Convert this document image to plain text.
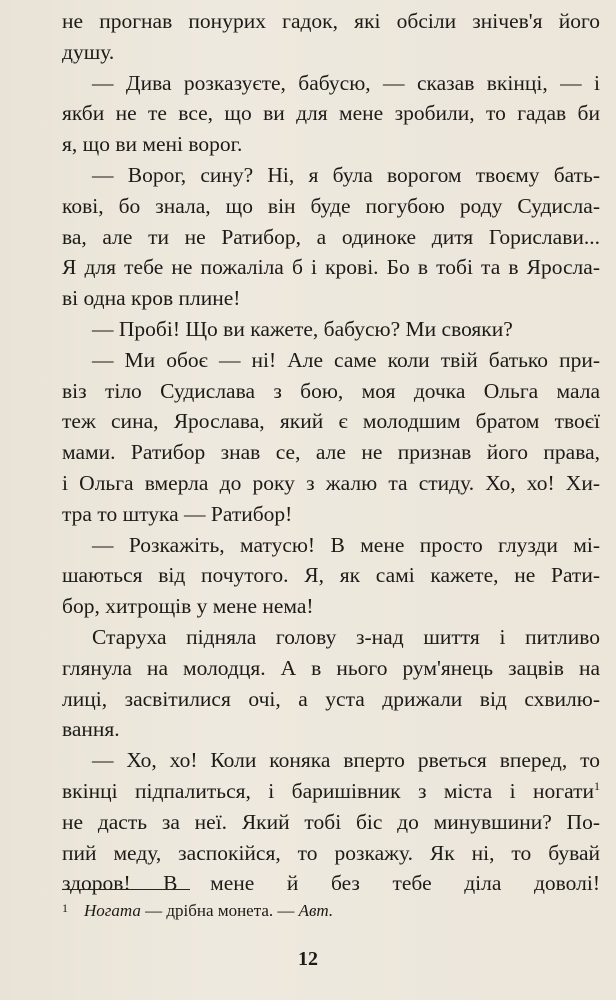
не прогнав понурих гадок, які обсіли знічев'я його
душу.
— Дива розказуєте, бабусю, — сказав вкінці, — і
якби не те все, що ви для мене зробили, то гадав би
я, що ви мені ворог.
— Ворог, сину? Ні, я була ворогом твоєму бать-
кові, бо знала, що він буде погубою роду Судисла-
ва, але ти не Ратибор, а одиноке дитя Горислави...
Я для тебе не пожаліла б і крові. Бо в тобі та в Яросла-
ві одна кров плине!
— Пробі! Що ви кажете, бабусю? Ми свояки?
— Ми обоє — ні! Але саме коли твій батько при-
віз тіло Судислава з бою, моя дочка Ольга мала
теж сина, Ярослава, який є молодшим братом твоєї
мами. Ратибор знав се, але не признав його права,
і Ольга вмерла до року з жалю та стиду. Хо, хо! Хи-
тра то штука — Ратибор!
— Розкажіть, матусю! В мене просто глузди мі-
шаються від почутого. Я, як самі кажете, не Рати-
бор, хитрощів у мене нема!
Старуха підняла голову з-над шиття і питливо
глянула на молодця. А в нього рум'янець зацвів на
лиці, засвітилися очі, а уста дрижали від схвилю-
вання.
— Хо, хо! Коли коняка вперто рветься вперед, то
вкінці підпалиться, і баришівник з міста і ногати$^1$
не дасть за неї. Який тобі біс до минувшини? По-
пий меду, заспокійся, то розкажу. Як ні, то бувай
здоров! В мене й без тебе діла доволі!
1 Ногата — дрібна монета. — Авт.
12
